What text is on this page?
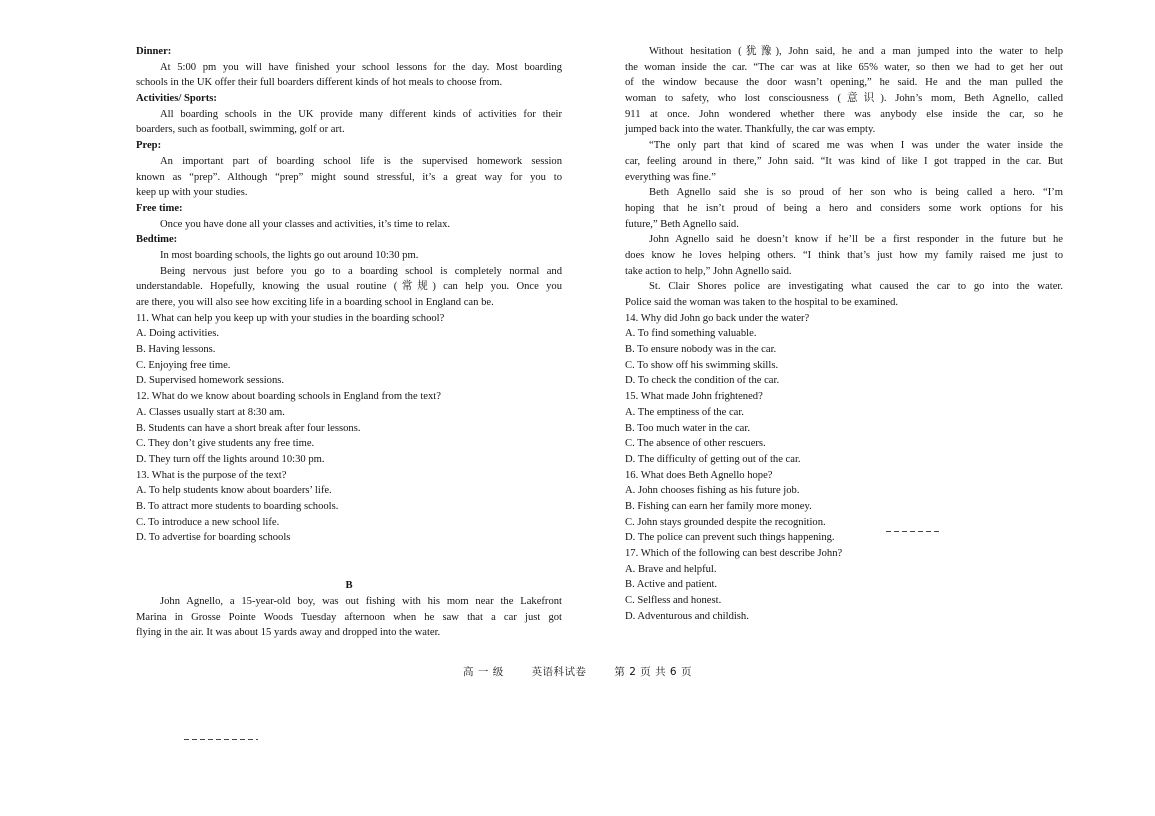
Dinner:
At 5:00 pm you will have finished your school lessons for the day. Most boarding
schools in the UK offer their full boarders different kinds of hot meals to choose from.
Activities/ Sports:
All boarding schools in the UK provide many different kinds of activities for their
boarders, such as football, swimming, golf or art.
Prep:
An important part of boarding school life is the supervised homework session
known as “prep”. Although “prep” might sound stressful, it’s a great way for you to
keep up with your studies.
Free time:
Once you have done all your classes and activities, it’s time to relax.
Bedtime:
In most boarding schools, the lights go out around 10:30 pm.
Being nervous just before you go to a boarding school is completely normal and
understandable. Hopefully, knowing the usual routine (常规) can help you. Once you
are there, you will also see how exciting life in a boarding school in England can be.
11. What can help you keep up with your studies in the boarding school?
A. Doing activities.
B. Having lessons.
C. Enjoying free time.
D. Supervised homework sessions.
12. What do we know about boarding schools in England from the text?
A. Classes usually start at 8:30 am.
B. Students can have a short break after four lessons.
C. They don’t give students any free time.
D. They turn off the lights around 10:30 pm.
13. What is the purpose of the text?
A. To help students know about boarders’ life.
B. To attract more students to boarding schools.
C. To introduce a new school life.
D. To advertise for boarding schools
B
John Agnello, a 15-year-old boy, was out fishing with his mom near the Lakefront
Marina in Grosse Pointe Woods Tuesday afternoon when he saw that a car just got
flying in the air. It was about 15 yards away and dropped into the water.
Without hesitation (犹豫), John said, he and a man jumped into the water to help
the woman inside the car. “The car was at like 65% water, so then we had to get her out
of the window because the door wasn’t opening,” he said. He and the man pulled the
woman to safety, who lost consciousness (意识). John’s mom, Beth Agnello, called
911 at once. John wondered whether there was anybody else inside the car, so he
jumped back into the water. Thankfully, the car was empty.
“The only part that kind of scared me was when I was under the water inside the
car, feeling around in there,” John said. “It was kind of like I got trapped in the car. But
everything was fine.”
Beth Agnello said she is so proud of her son who is being called a hero. “I’m
hoping that he isn’t proud of being a hero and considers some work options for his
future,” Beth Agnello said.
John Agnello said he doesn’t know if he’ll be a first responder in the future but he
does know he loves helping others. “I think that’s just how my family raised me just to
take action to help,” John Agnello said.
St. Clair Shores police are investigating what caused the car to go into the water.
Police said the woman was taken to the hospital to be examined.
14. Why did John go back under the water?
A. To find something valuable.
B. To ensure nobody was in the car.
C. To show off his swimming skills.
D. To check the condition of the car.
15. What made John frightened?
A. The emptiness of the car.
B. Too much water in the car.
C. The absence of other rescuers.
D. The difficulty of getting out of the car.
16. What does Beth Agnello hope?
A. John chooses fishing as his future job.
B. Fishing can earn her family more money.
C. John stays grounded despite the recognition.
D. The police can prevent such things happening.
17. Which of the following can best describe John?
A. Brave and helpful.
B. Active and patient.
C. Selfless and honest.
D. Adventurous and childish.
高 一 级	英语科试卷	第 2 页 共 6 页
